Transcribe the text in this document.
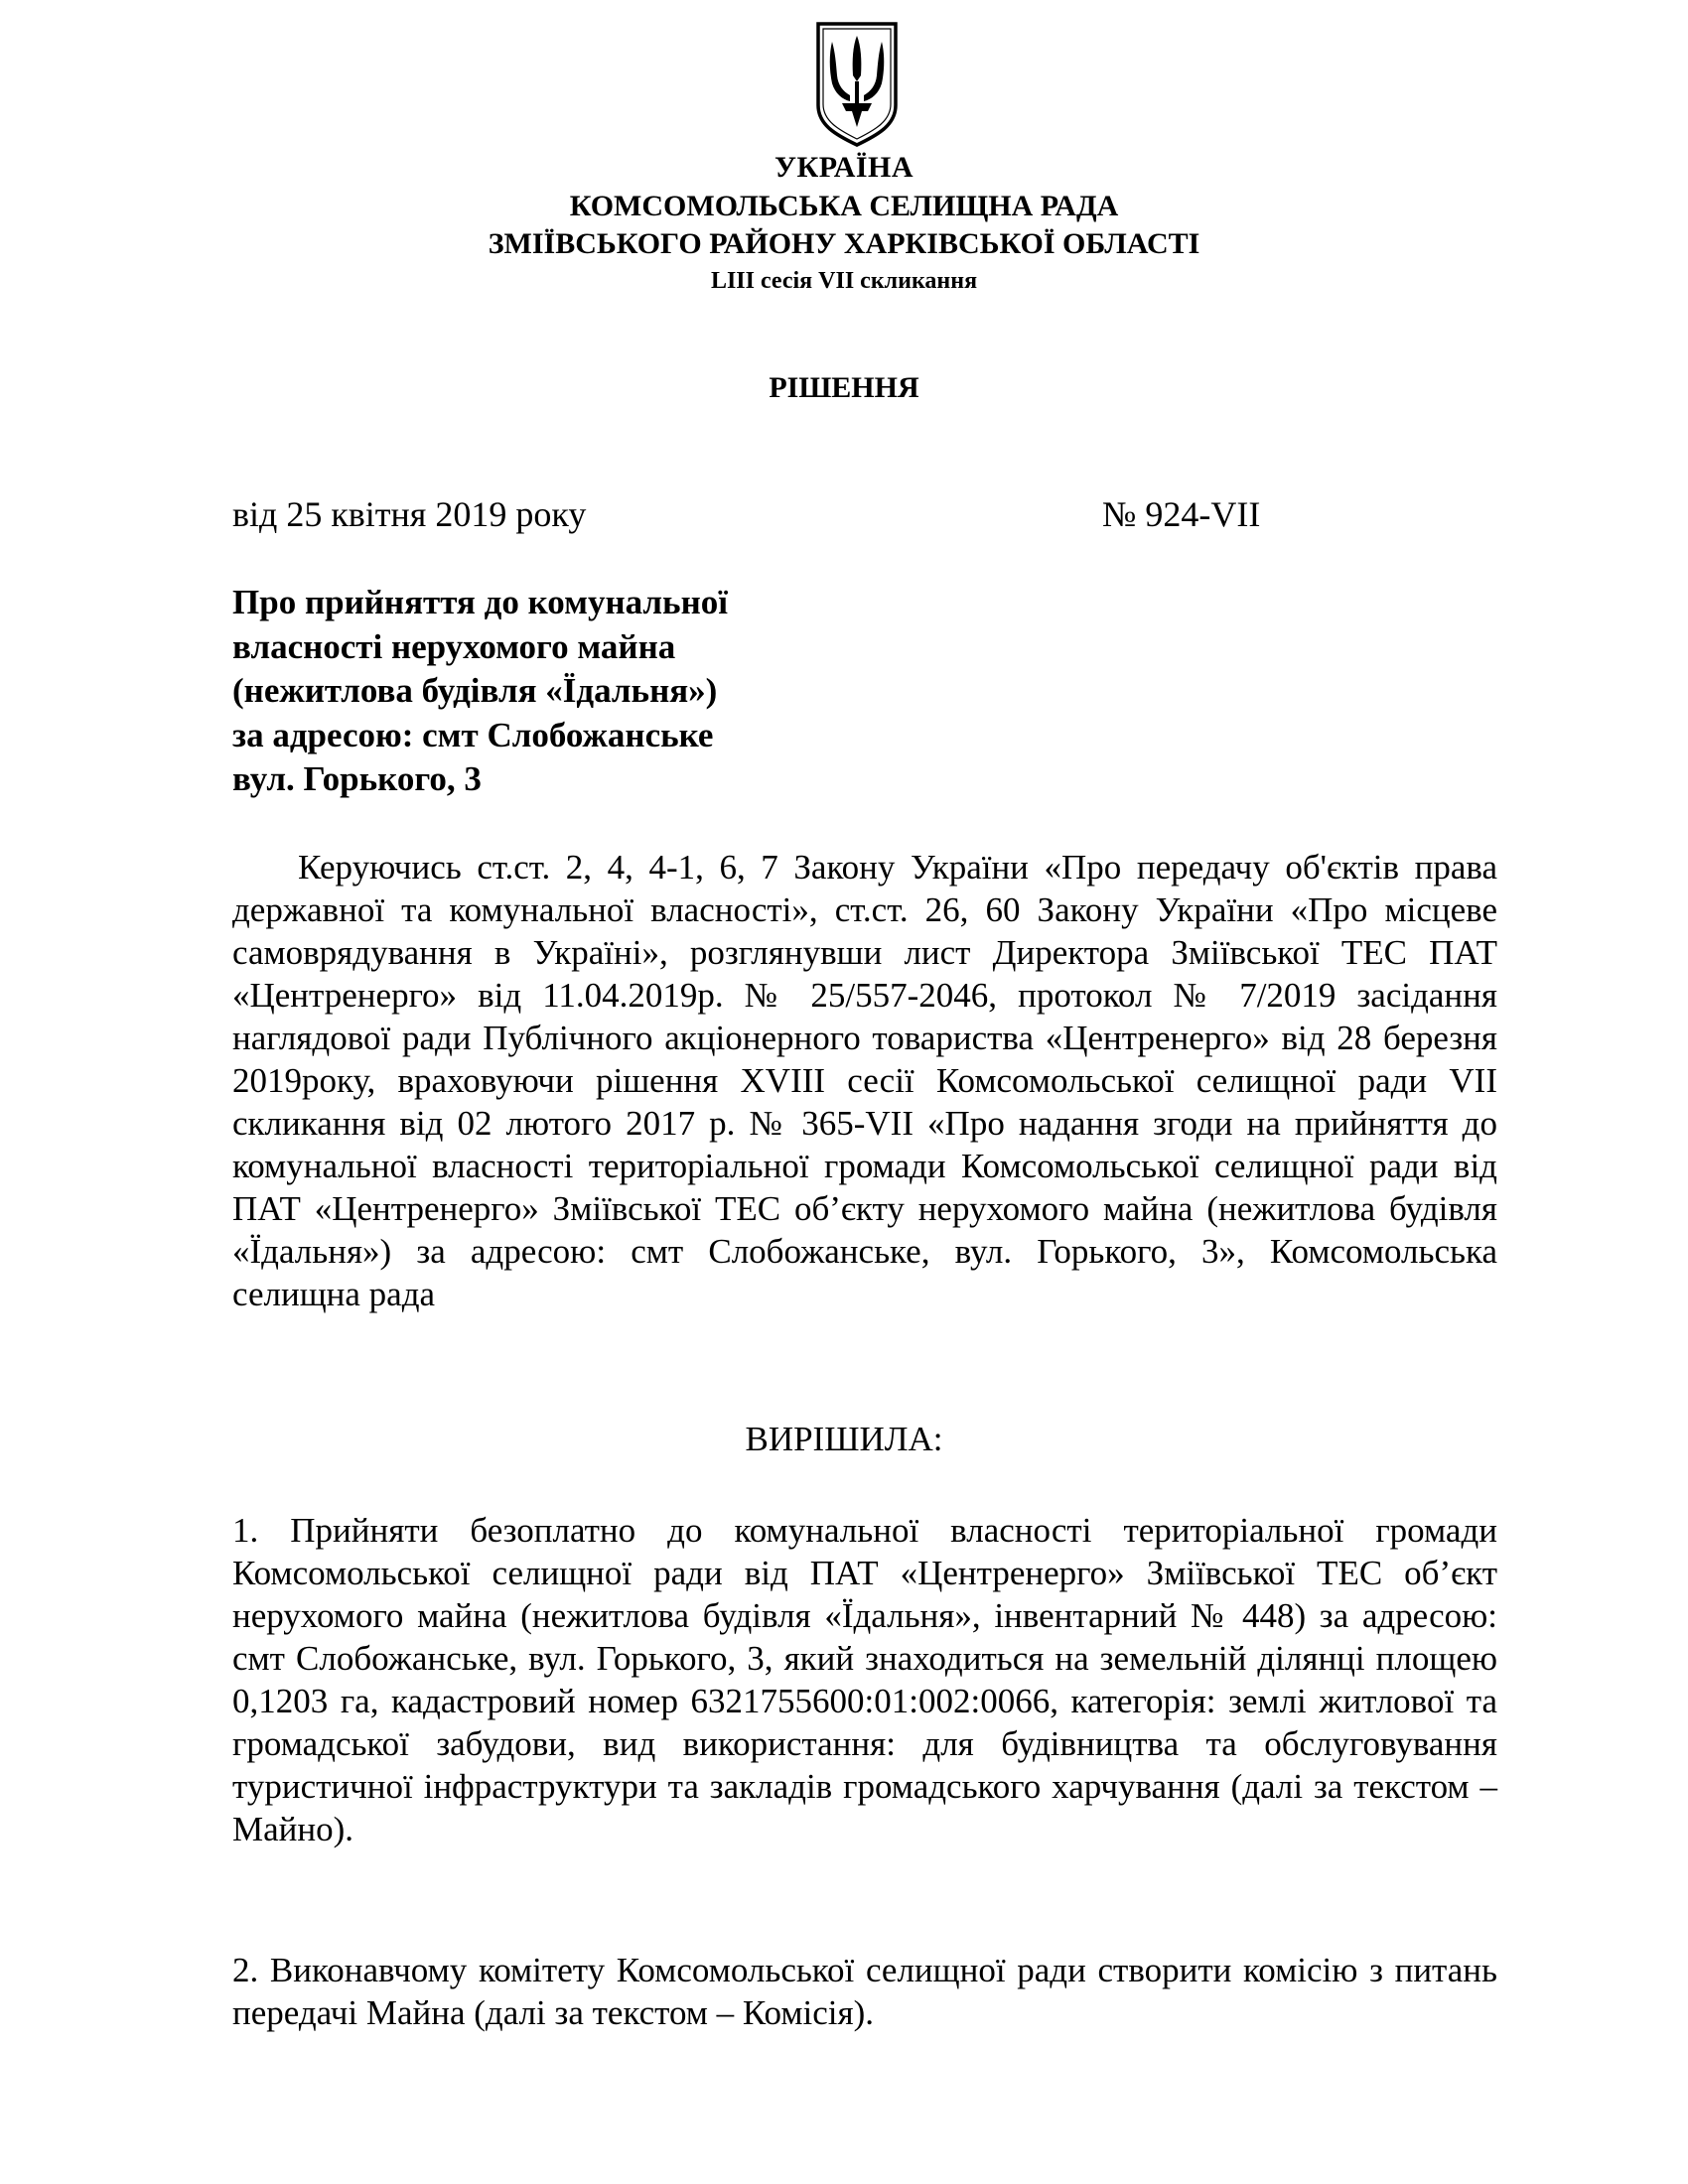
УКРАЇНА
КОМСОМОЛЬСЬКА СЕЛИЩНА РАДА
ЗМІЇВСЬКОГО РАЙОНУ ХАРКІВСЬКОЇ ОБЛАСТІ
LIII сесія VII скликання
РІШЕННЯ
від 25 квітня 2019 року	№ 924-VII
Про прийняття до комунальної
власності нерухомого майна
(нежитлова будівля «Їдальня»)
за адресою: смт Слобожанське
вул. Горького, 3
Керуючись ст.ст. 2, 4, 4-1, 6, 7 Закону України «Про передачу об'єктів права державної та комунальної власності», ст.ст. 26, 60 Закону України «Про місцеве самоврядування в Україні», розглянувши лист Директора Зміївської ТЕС ПАТ «Центренерго» від 11.04.2019р. № 25/557-2046, протокол № 7/2019 засідання наглядової ради Публічного акціонерного товариства «Центренерго» від 28 березня 2019року, враховуючи рішення XVIII сесії Комсомольської селищної ради VII скликання від 02 лютого 2017 р. № 365-VII «Про надання згоди на прийняття до комунальної власності територіальної громади Комсомольської селищної ради від ПАТ «Центренерго» Зміївської ТЕС об’єкту нерухомого майна (нежитлова будівля «Їдальня») за адресою: смт Слобожанське, вул. Горького, 3», Комсомольська селищна рада
ВИРІШИЛА:
1. Прийняти безоплатно до комунальної власності територіальної громади Комсомольської селищної ради від ПАТ «Центренерго» Зміївської ТЕС об’єкт нерухомого майна (нежитлова будівля «Їдальня», інвентарний № 448) за адресою: смт Слобожанське, вул. Горького, 3, який знаходиться на земельній ділянці площею 0,1203 га, кадастровий номер 6321755600:01:002:0066, категорія: землі житлової та громадської забудови, вид використання: для будівництва та обслуговування туристичної інфраструктури та закладів громадського харчування (далі за текстом – Майно).
2. Виконавчому комітету Комсомольської селищної ради створити комісію з питань передачі Майна (далі за текстом – Комісія).
